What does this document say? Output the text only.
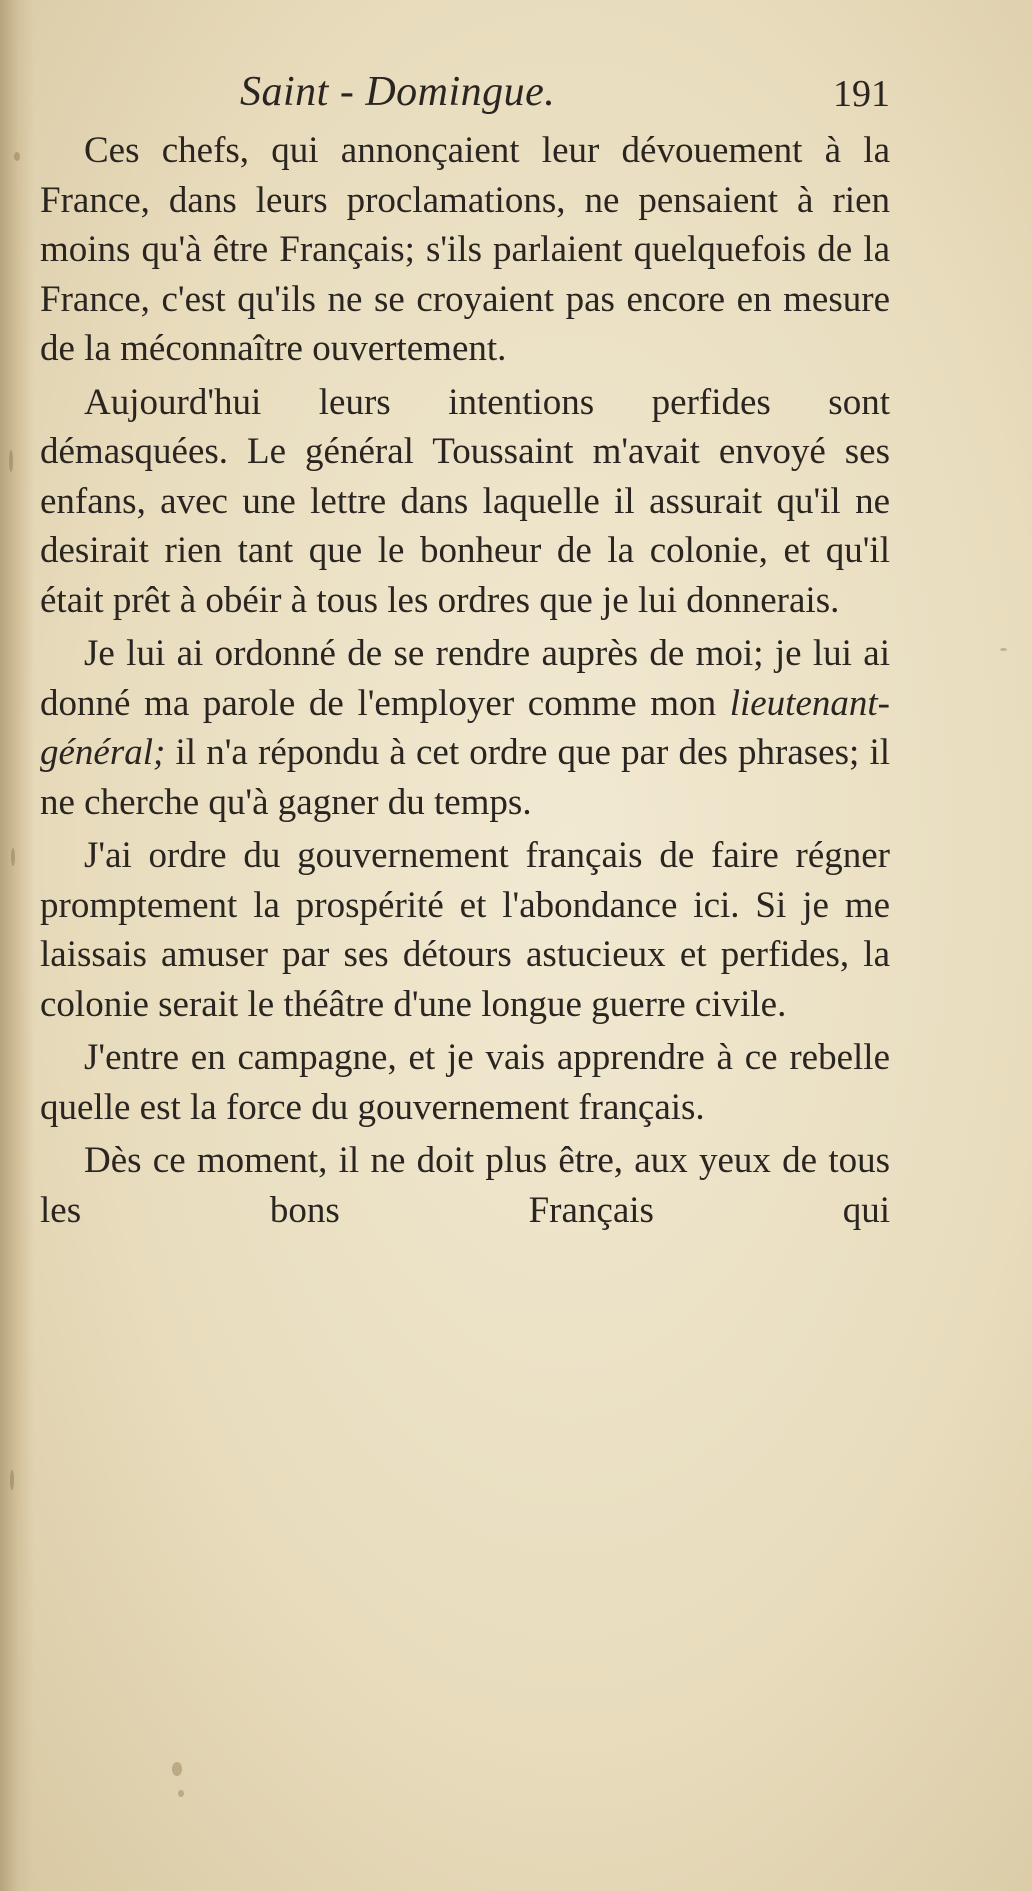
Saint - Domingue.	191

Ces chefs, qui annonçaient leur dévouement à la France, dans leurs proclamations, ne pensaient à rien moins qu'à être Français; s'ils parlaient quelquefois de la France, c'est qu'ils ne se croyaient pas encore en mesure de la méconnaître ouvertement.

Aujourd'hui leurs intentions perfides sont démasquées. Le général Toussaint m'avait envoyé ses enfans, avec une lettre dans laquelle il assurait qu'il ne desirait rien tant que le bonheur de la colonie, et qu'il était prêt à obéir à tous les ordres que je lui donnerais.

Je lui ai ordonné de se rendre auprès de moi; je lui ai donné ma parole de l'employer comme mon lieutenant-général; il n'a répondu à cet ordre que par des phrases; il ne cherche qu'à gagner du temps.

J'ai ordre du gouvernement français de faire régner promptement la prospérité et l'abondance ici. Si je me laissais amuser par ses détours astucieux et perfides, la colonie serait le théâtre d'une longue guerre civile.

J'entre en campagne, et je vais apprendre à ce rebelle quelle est la force du gouvernement français.

Dès ce moment, il ne doit plus être, aux yeux de tous les bons Français qui
